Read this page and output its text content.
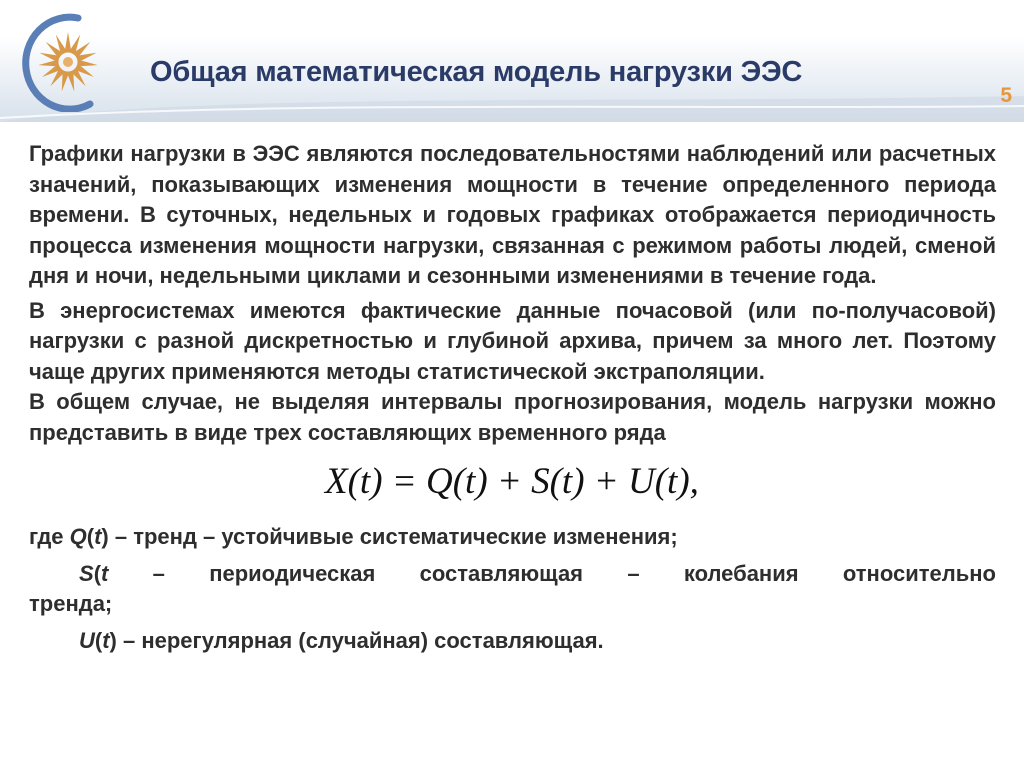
Общая математическая модель нагрузки ЭЭС
5

Графики нагрузки в ЭЭС являются последовательностями наблюдений или расчетных значений, показывающих изменения мощности в течение определенного периода времени. В суточных, недельных и годовых графиках отображается периодичность процесса изменения мощности нагрузки, связанная с режимом работы людей, сменой дня и ночи, недельными циклами и сезонными изменениями в течение года.

В энергосистемах имеются фактические данные почасовой (или по-получасовой) нагрузки с разной дискретностью и глубиной архива, причем за много лет. Поэтому чаще других применяются методы статистической экстраполяции.

В общем случае, не выделяя интервалы прогнозирования, модель нагрузки можно представить в виде трех составляющих временного ряда

X(t) = Q(t) + S(t) + U(t),

где Q(t) – тренд – устойчивые систематические изменения;

S(t – периодическая составляющая – колебания относительно

тренда;

U(t) – нерегулярная (случайная) составляющая.
